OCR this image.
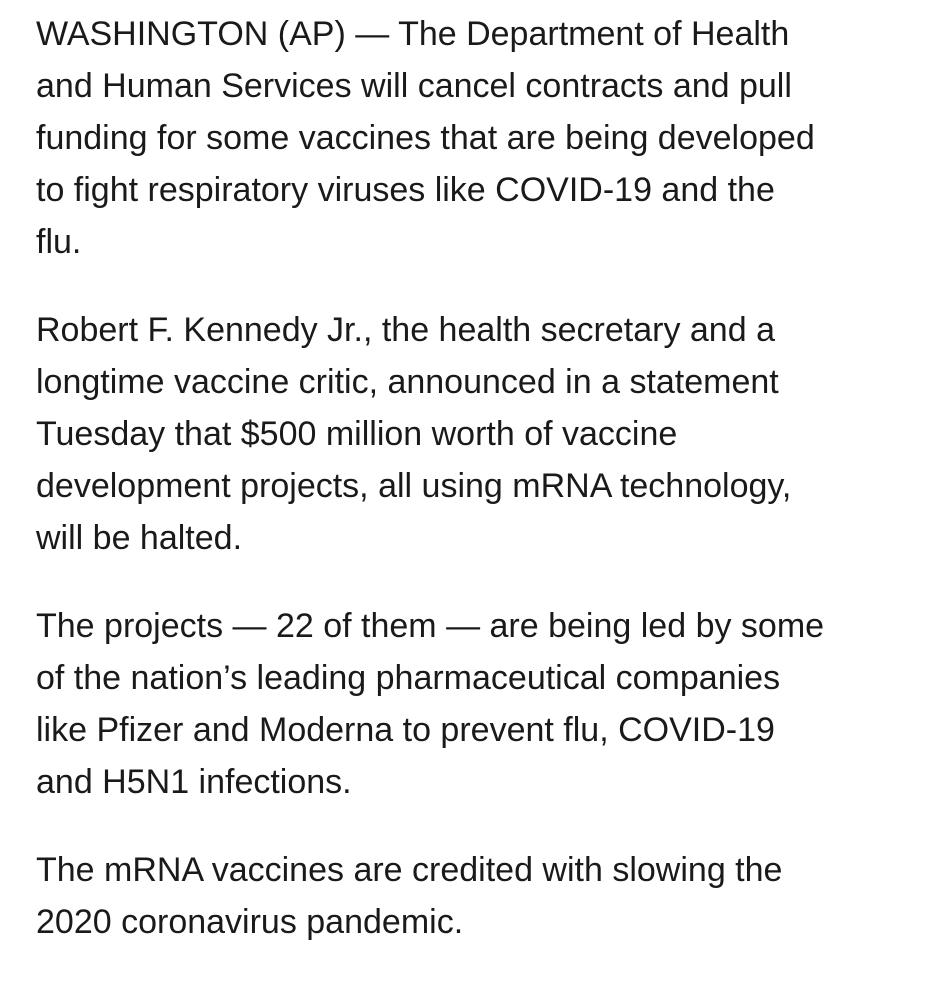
WASHINGTON (AP) — The Department of Health
and Human Services will cancel contracts and pull
funding for some vaccines that are being developed
to fight respiratory viruses like COVID-19 and the
flu.

Robert F. Kennedy Jr., the health secretary and a
longtime vaccine critic, announced in a statement
Tuesday that $500 million worth of vaccine
development projects, all using mRNA technology,
will be halted.

The projects — 22 of them — are being led by some
of the nation’s leading pharmaceutical companies
like Pfizer and Moderna to prevent flu, COVID-19
and H5N1 infections.

The mRNA vaccines are credited with slowing the
2020 coronavirus pandemic.
